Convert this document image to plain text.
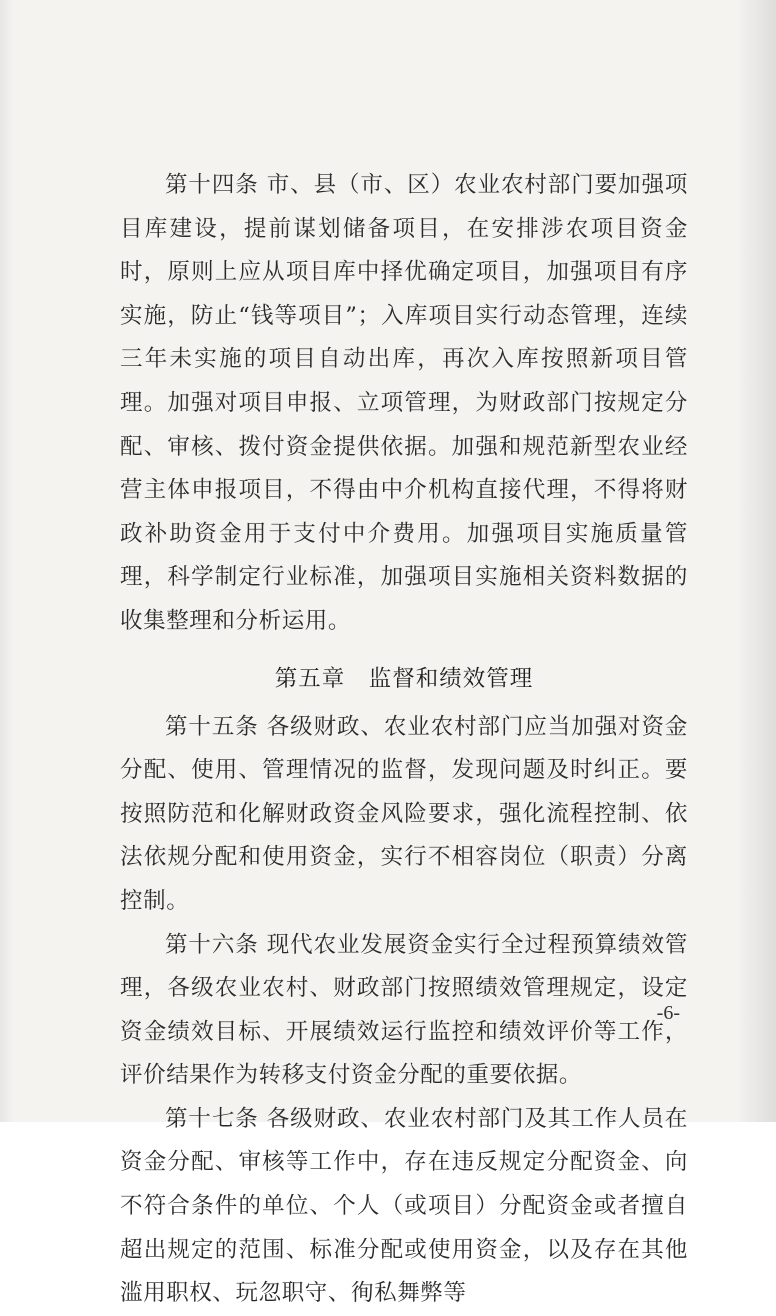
第十四条 市、县（市、区）农业农村部门要加强项目库建设，提前谋划储备项目，在安排涉农项目资金时，原则上应从项目库中择优确定项目，加强项目有序实施，防止“钱等项目”；入库项目实行动态管理，连续三年未实施的项目自动出库，再次入库按照新项目管理。加强对项目申报、立项管理，为财政部门按规定分配、审核、拨付资金提供依据。加强和规范新型农业经营主体申报项目，不得由中介机构直接代理，不得将财政补助资金用于支付中介费用。加强项目实施质量管理，科学制定行业标准，加强项目实施相关资料数据的收集整理和分析运用。

第五章　监督和绩效管理

第十五条 各级财政、农业农村部门应当加强对资金分配、使用、管理情况的监督，发现问题及时纠正。要按照防范和化解财政资金风险要求，强化流程控制、依法依规分配和使用资金，实行不相容岗位（职责）分离控制。

第十六条 现代农业发展资金实行全过程预算绩效管理，各级农业农村、财政部门按照绩效管理规定，设定资金绩效目标、开展绩效运行监控和绩效评价等工作，评价结果作为转移支付资金分配的重要依据。

第十七条 各级财政、农业农村部门及其工作人员在资金分配、审核等工作中，存在违反规定分配资金、向不符合条件的单位、个人（或项目）分配资金或者擅自超出规定的范围、标准分配或使用资金，以及存在其他滥用职权、玩忽职守、徇私舞弊等

-6-
